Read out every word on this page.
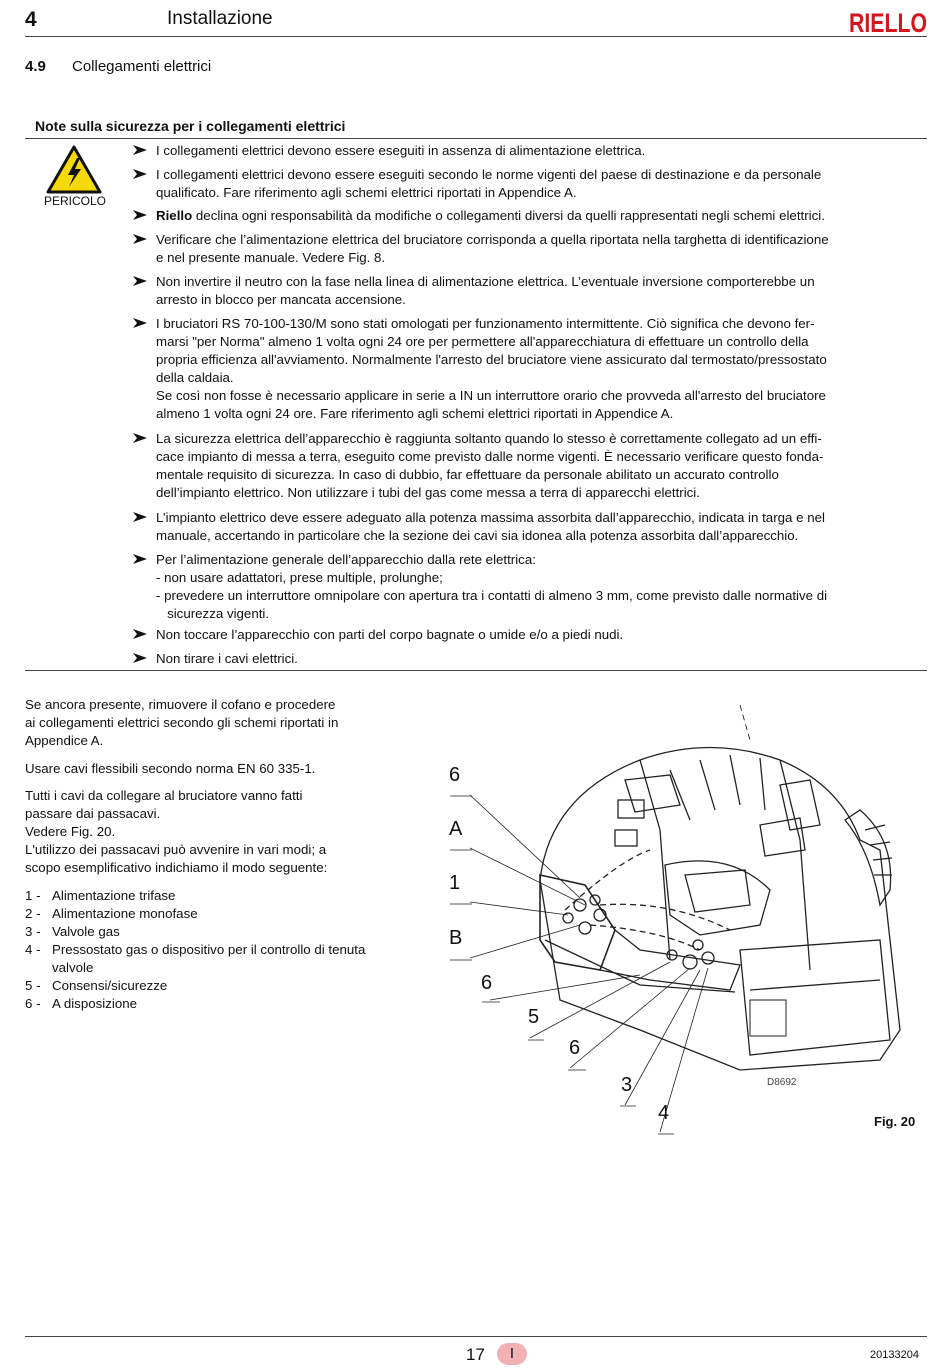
4	Installazione	RIELLO
4.9 Collegamenti elettrici
Note sulla sicurezza per i collegamenti elettrici
PERICOLO
I collegamenti elettrici devono essere eseguiti in assenza di alimentazione elettrica.
I collegamenti elettrici devono essere eseguiti secondo le norme vigenti del paese di destinazione e da personale
qualificato. Fare riferimento agli schemi elettrici riportati in Appendice A.
Riello declina ogni responsabilità da modifiche o collegamenti diversi da quelli rappresentati negli schemi elettrici.
Verificare che l’alimentazione elettrica del bruciatore corrisponda a quella riportata nella targhetta di identificazione
e nel presente manuale. Vedere Fig. 8.
Non invertire il neutro con la fase nella linea di alimentazione elettrica. L’eventuale inversione comporterebbe un
arresto in blocco per mancata accensione.
I bruciatori RS 70-100-130/M sono stati omologati per funzionamento intermittente. Ciò significa che devono fer-
marsi "per Norma" almeno 1 volta ogni 24 ore per permettere all'apparecchiatura di effettuare un controllo della
propria efficienza all'avviamento. Normalmente l'arresto del bruciatore viene assicurato dal termostato/pressostato
della caldaia.
Se così non fosse è necessario applicare in serie a IN un interruttore orario che provveda all'arresto del bruciatore
almeno 1 volta ogni 24 ore. Fare riferimento agli schemi elettrici riportati in Appendice A.
La sicurezza elettrica dell’apparecchio è raggiunta soltanto quando lo stesso è correttamente collegato ad un effi-
cace impianto di messa a terra, eseguito come previsto dalle norme vigenti. È necessario verificare questo fonda-
mentale requisito di sicurezza. In caso di dubbio, far effettuare da personale abilitato un accurato controllo
dell’impianto elettrico. Non utilizzare i tubi del gas come messa a terra di apparecchi elettrici.
L’impianto elettrico deve essere adeguato alla potenza massima assorbita dall’apparecchio, indicata in targa e nel
manuale, accertando in particolare che la sezione dei cavi sia idonea alla potenza assorbita dall’apparecchio.
Per l’alimentazione generale dell’apparecchio dalla rete elettrica:
- non usare adattatori, prese multiple, prolunghe;
- prevedere un interruttore omnipolare con apertura tra i contatti di almeno 3 mm, come previsto dalle normative di
sicurezza vigenti.
Non toccare l’apparecchio con parti del corpo bagnate o umide e/o a piedi nudi.
Non tirare i cavi elettrici.
Se ancora presente, rimuovere il cofano e procedere
ai collegamenti elettrici secondo gli schemi riportati in
Appendice A.
Usare cavi flessibili secondo norma EN 60 335-1.
Tutti i cavi da collegare al bruciatore vanno fatti
passare dai passacavi.
Vedere Fig. 20.
L'utilizzo dei passacavi può avvenire in vari modi; a
scopo esemplificativo indichiamo il modo seguente:
1 - Alimentazione trifase
2 - Alimentazione monofase
3 - Valvole gas
4 - Pressostato gas o dispositivo per il controllo di tenuta valvole
5 - Consensi/sicurezze
6 - A disposizione
6
A
1
B
6
5
6
3
4
D8692
Fig. 20
17	I	20133204
